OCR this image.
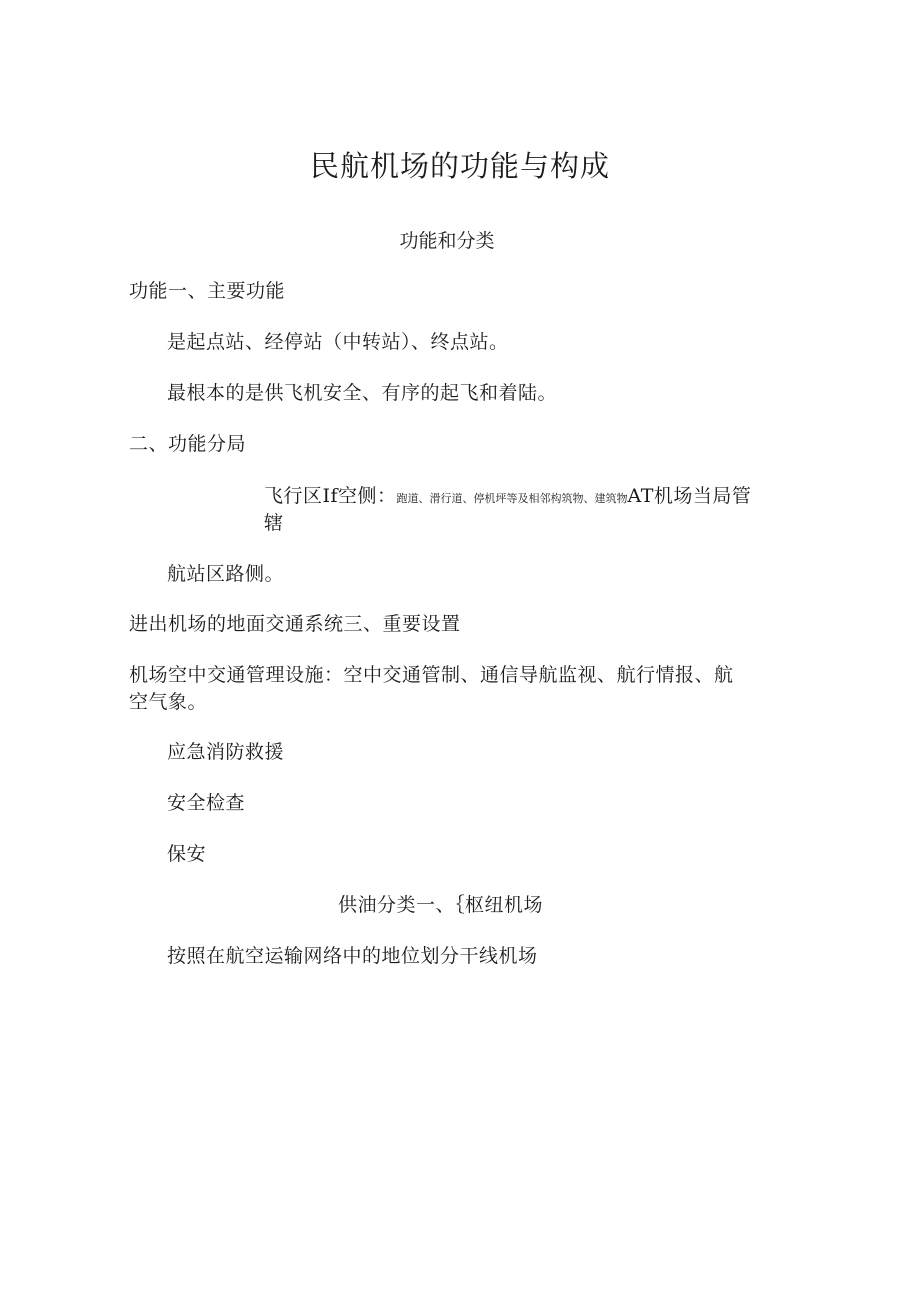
民航机场的功能与构成
功能和分类
功能一、主要功能
是起点站、经停站（中转站）、终点站。
最根本的是供飞机安全、有序的起飞和着陆。
二、功能分局
飞行区If空侧：跑道、滑行道、停机坪等及相邻构筑物、建筑物AT机场当局管
辖
航站区路侧。
进出机场的地面交通系统三、重要设置
机场空中交通管理设施：空中交通管制、通信导航监视、航行情报、航
空气象。
应急消防救援
安全检查
保安
供油分类一、｛枢纽机场
按照在航空运输网络中的地位划分干线机场
